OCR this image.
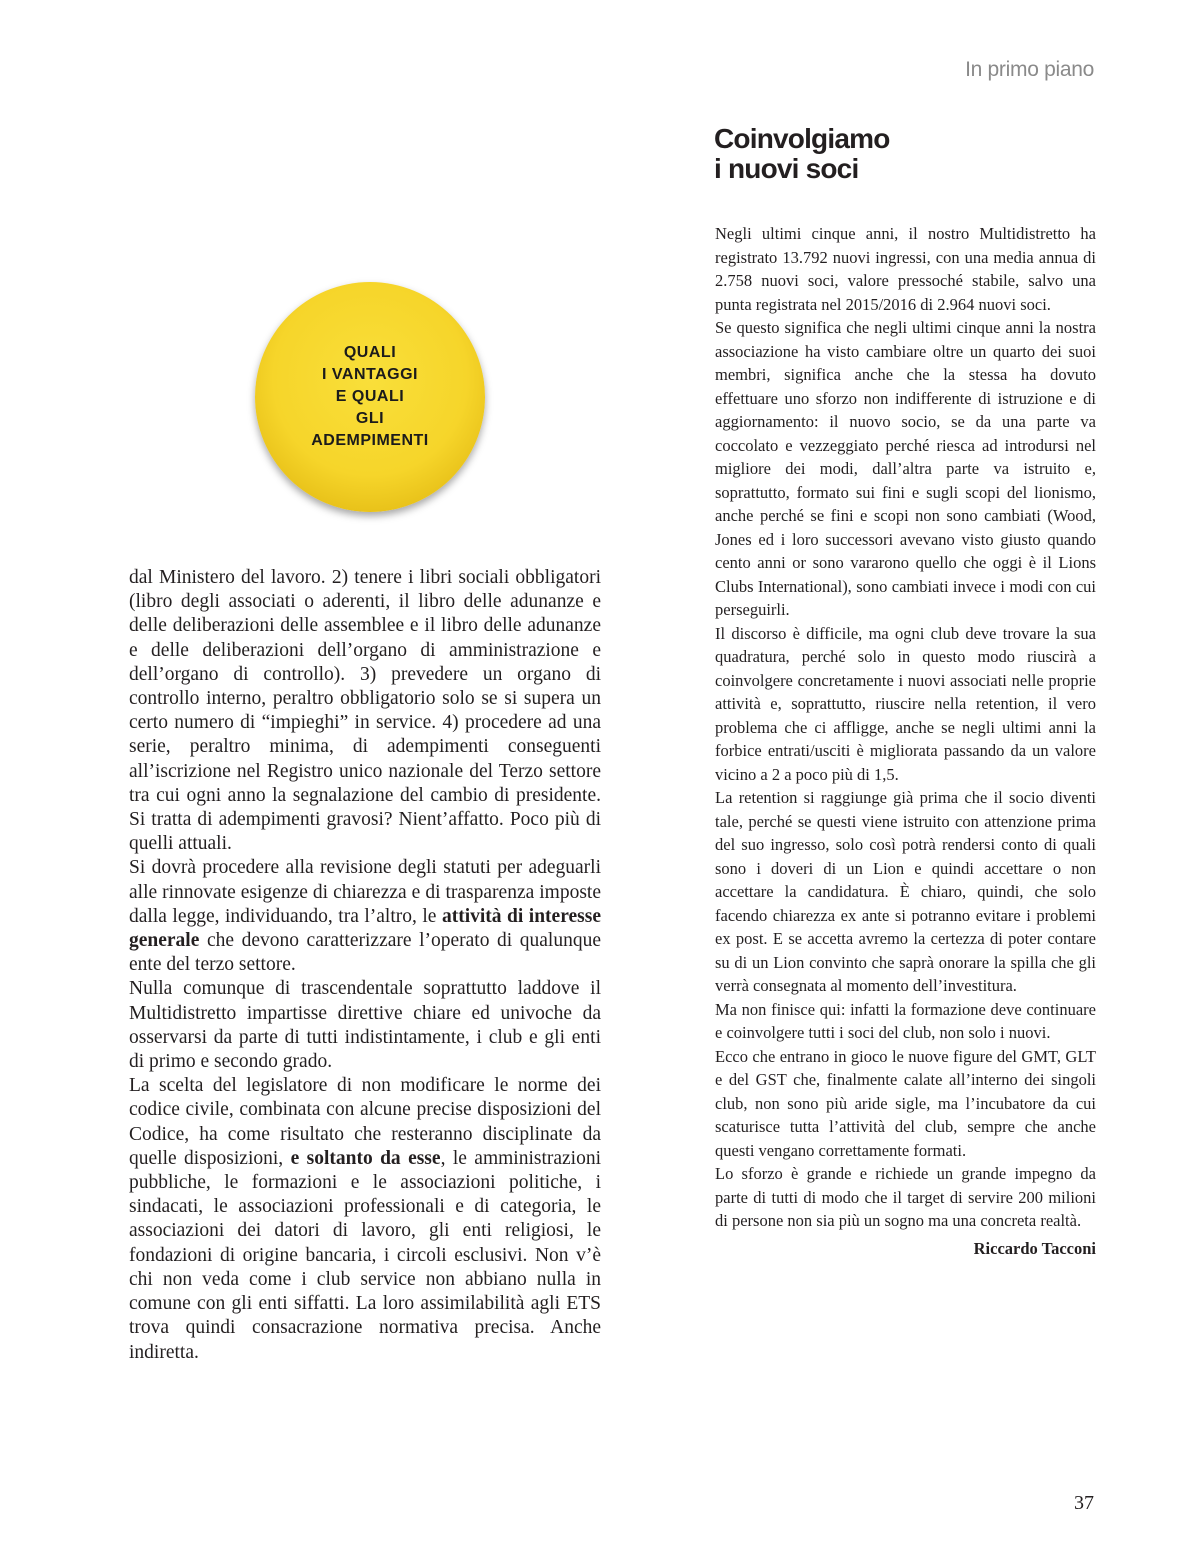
In primo piano
Coinvolgiamo
i nuovi soci
QUALI
I VANTAGGI
E QUALI
GLI
ADEMPIMENTI

dal Ministero del lavoro. 2) tenere i libri sociali obbligatori (libro degli associati o aderenti, il libro delle adunanze e delle deliberazioni delle assemblee e il libro delle adunanze e delle deliberazioni dell’organo di amministrazione e dell’organo di controllo). 3) prevedere un organo di controllo interno, peraltro obbligatorio solo se si supera un certo numero di “impieghi” in service. 4) procedere ad una serie, peraltro minima, di adempimenti conseguenti all’iscrizione nel Registro unico nazionale del Terzo settore tra cui ogni anno la segnalazione del cambio di presidente. Si tratta di adempimenti gravosi? Nient’affatto. Poco più di quelli attuali.

Si dovrà procedere alla revisione degli statuti per adeguarli alle rinnovate esigenze di chiarezza e di trasparenza imposte dalla legge, individuando, tra l’altro, le attività di interesse generale che devono caratterizzare l’operato di qualunque ente del terzo settore.

Nulla comunque di trascendentale soprattutto laddove il Multidistretto impartisse direttive chiare ed univoche da osservarsi da parte di tutti indistintamente, i club e gli enti di primo e secondo grado.

La scelta del legislatore di non modificare le norme dei codice civile, combinata con alcune precise disposizioni del Codice, ha come risultato che resteranno disciplinate da quelle disposizioni, e soltanto da esse, le amministrazioni pubbliche, le formazioni e le associazioni politiche, i sindacati, le associazioni professionali e di categoria, le associazioni dei datori di lavoro, gli enti religiosi, le fondazioni di origine bancaria, i circoli esclusivi. Non v’è chi non veda come i club service non abbiano nulla in comune con gli enti siffatti. La loro assimilabilità agli ETS trova quindi consacrazione normativa precisa. Anche indiretta.

Negli ultimi cinque anni, il nostro Multidistretto ha registrato 13.792 nuovi ingressi, con una media annua di 2.758 nuovi soci, valore pressoché stabile, salvo una punta registrata nel 2015/2016 di 2.964 nuovi soci.

Se questo significa che negli ultimi cinque anni la nostra associazione ha visto cambiare oltre un quarto dei suoi membri, significa anche che la stessa ha dovuto effettuare uno sforzo non indifferente di istruzione e di aggiornamento: il nuovo socio, se da una parte va coccolato e vezzeggiato perché riesca ad introdursi nel migliore dei modi, dall’altra parte va istruito e, soprattutto, formato sui fini e sugli scopi del lionismo, anche perché se fini e scopi non sono cambiati (Wood, Jones ed i loro successori avevano visto giusto quando cento anni or sono vararono quello che oggi è il Lions Clubs International), sono cambiati invece i modi con cui perseguirli.

Il discorso è difficile, ma ogni club deve trovare la sua quadratura, perché solo in questo modo riuscirà a coinvolgere concretamente i nuovi associati nelle proprie attività e, soprattutto, riuscire nella retention, il vero problema che ci affligge, anche se negli ultimi anni la forbice entrati/usciti è migliorata passando da un valore vicino a 2 a poco più di 1,5.

La retention si raggiunge già prima che il socio diventi tale, perché se questi viene istruito con attenzione prima del suo ingresso, solo così potrà rendersi conto di quali sono i doveri di un Lion e quindi accettare o non accettare la candidatura. È chiaro, quindi, che solo facendo chiarezza ex ante si potranno evitare i problemi ex post. E se accetta avremo la certezza di poter contare su di un Lion convinto che saprà onorare la spilla che gli verrà consegnata al momento dell’investitura.

Ma non finisce qui: infatti la formazione deve continuare e coinvolgere tutti i soci del club, non solo i nuovi.

Ecco che entrano in gioco le nuove figure del GMT, GLT e del GST che, finalmente calate all’interno dei singoli club, non sono più aride sigle, ma l’incubatore da cui scaturisce tutta l’attività del club, sempre che anche questi vengano correttamente formati.

Lo sforzo è grande e richiede un grande impegno da parte di tutti di modo che il target di servire 200 milioni di persone non sia più un sogno ma una concreta realtà.

Riccardo Tacconi

37
